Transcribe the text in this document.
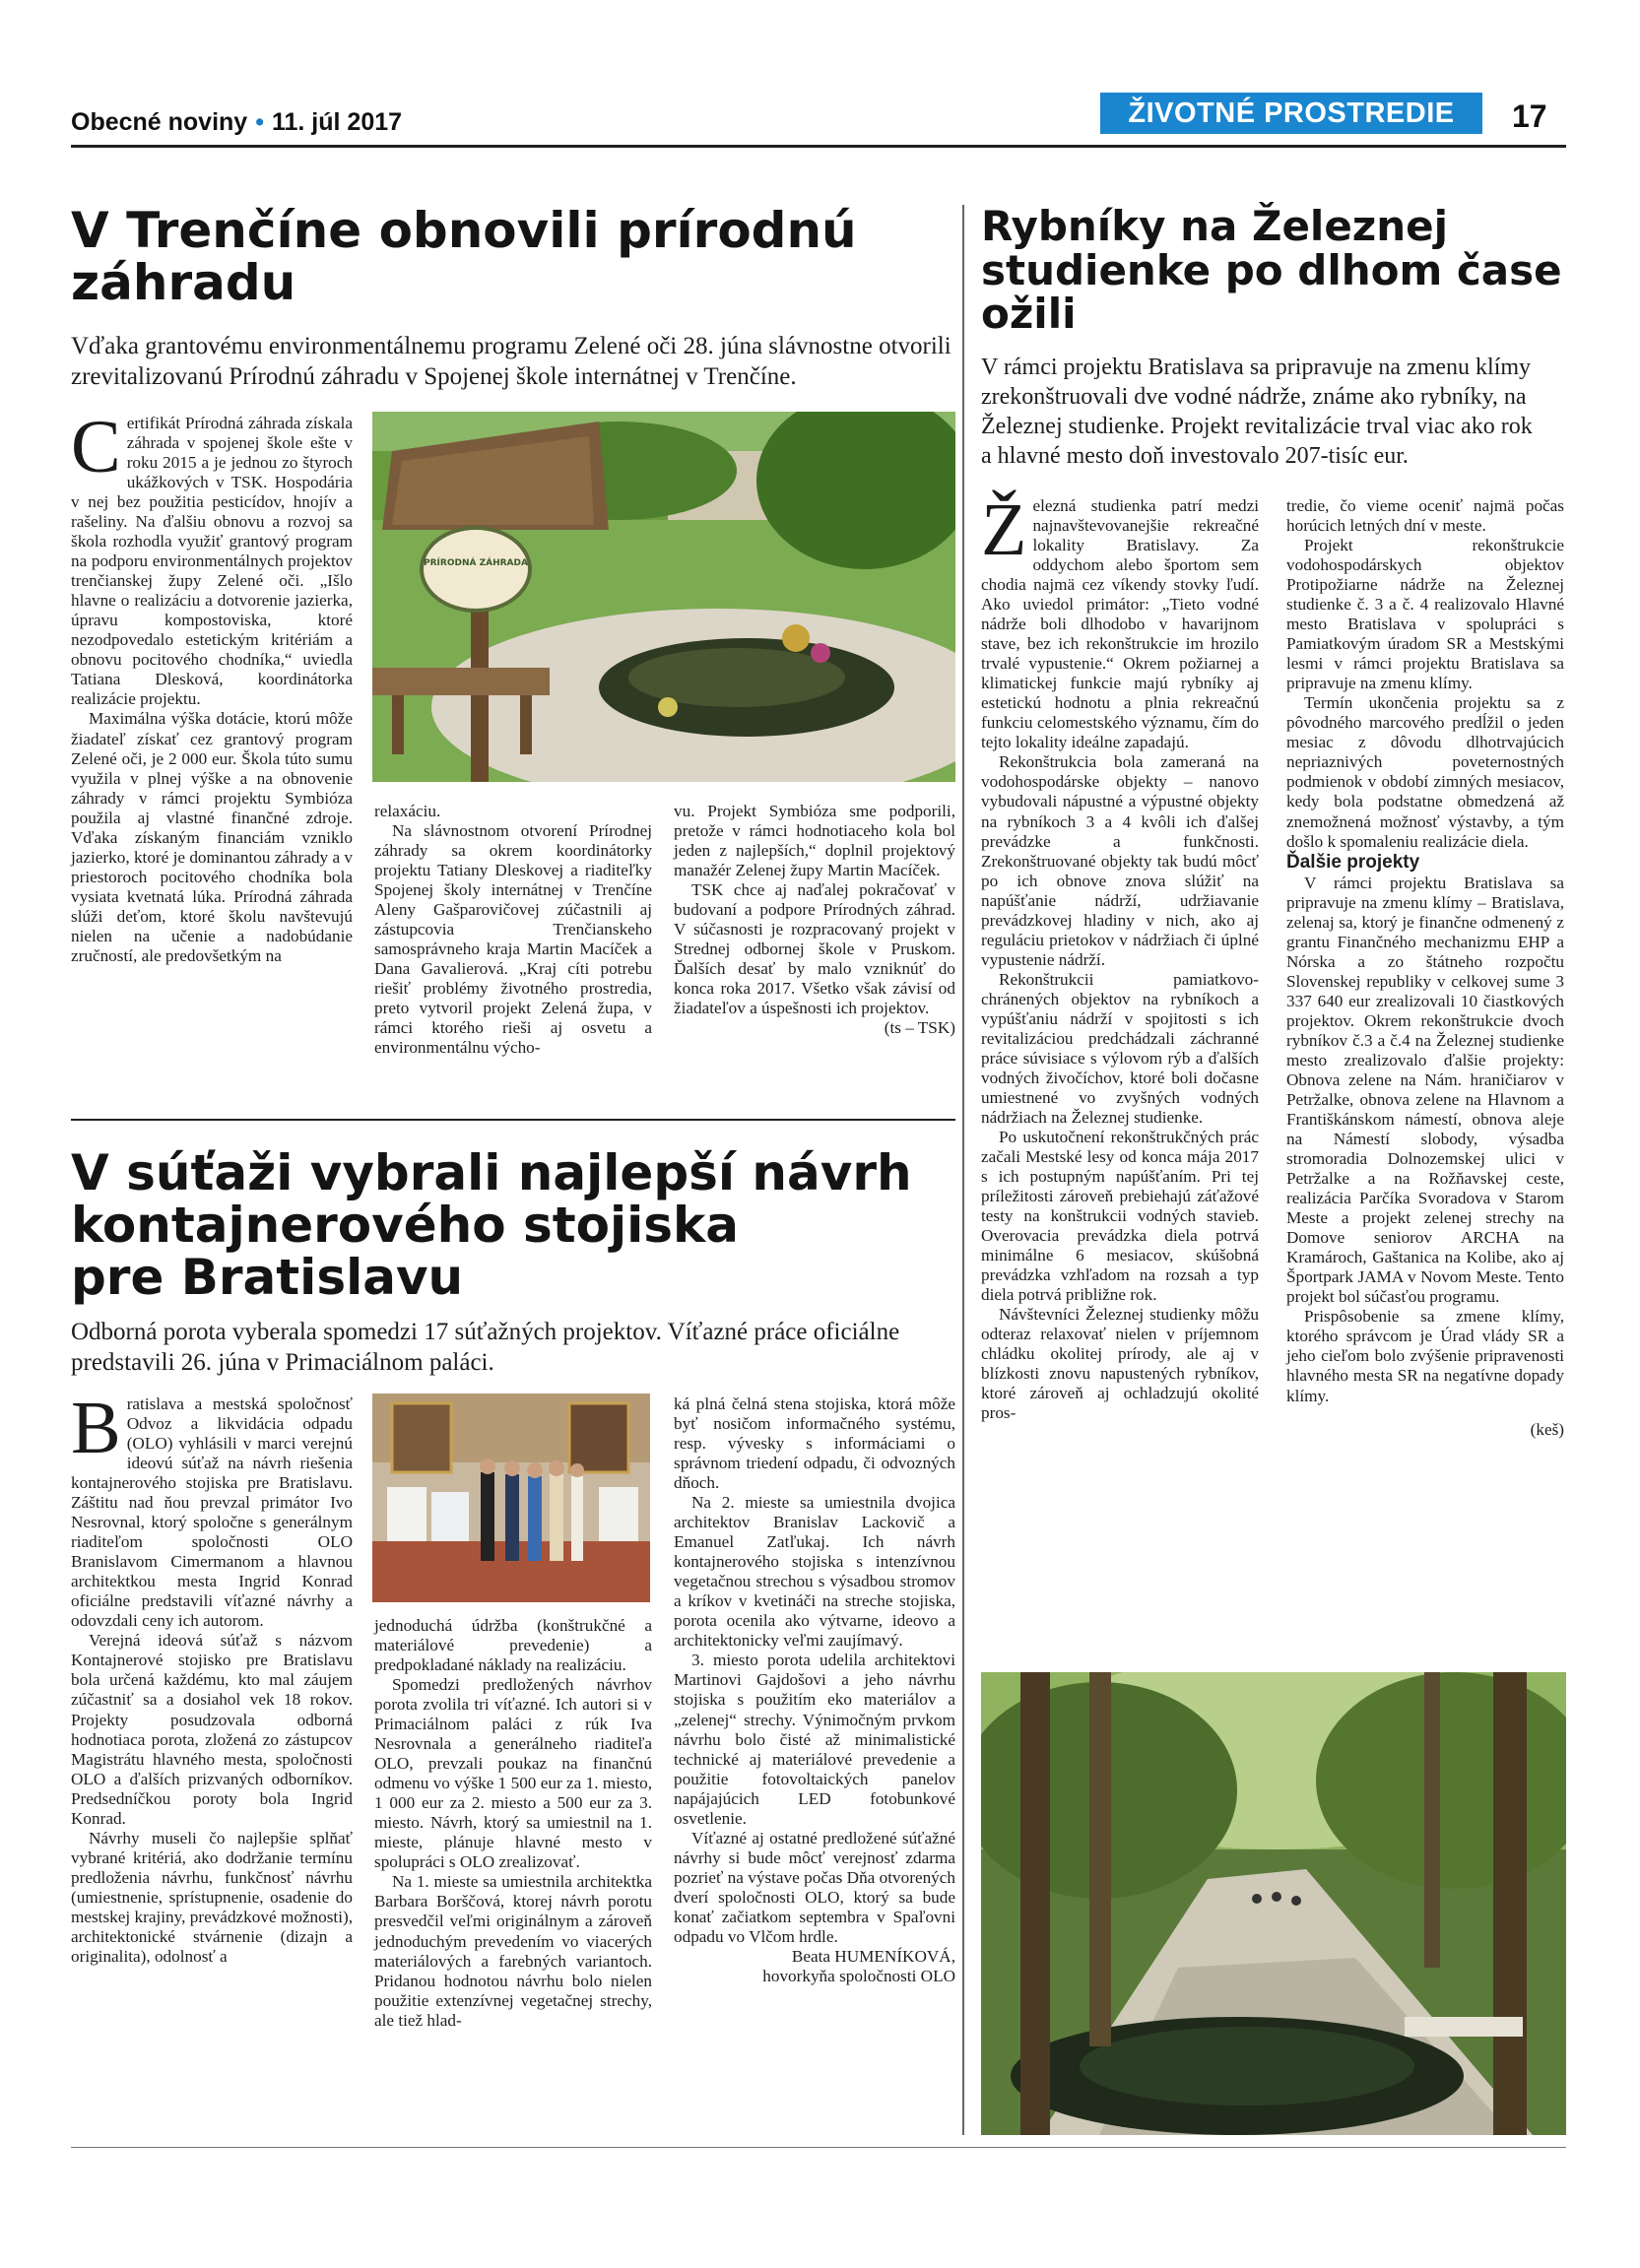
Obecné noviny • 11. júl 2017	ŽIVOTNÉ PROSTREDIE	17
V Trenčíne obnovili prírodnú
záhradu
Vďaka grantovému environmentálnemu programu Zelené oči 28. júna slávnostne otvorili zrevitalizovanú Prírodnú záhradu v Spojenej škole internátnej v Trenčíne.
PRÍRODNÁ ZÁHRADA

Certifikát Prírodná záhrada získala záhrada v spojenej škole ešte v roku 2015 a je jednou zo štyroch ukážkových v TSK. Hospodária v nej bez použitia pesticídov, hnojív a rašeliny. Na ďalšiu obnovu a rozvoj sa škola rozhodla využiť grantový program na podporu environmentálnych projektov trenčianskej župy Zelené oči. „Išlo hlavne o realizáciu a dotvorenie jazierka, úpravu kompostoviska, ktoré nezodpovedalo estetickým kritériám a obnovu pocitového chodníka,“ uviedla Tatiana Dlesková, koordinátorka realizácie projektu.

Maximálna výška dotácie, ktorú môže žiadateľ získať cez grantový program Zelené oči, je 2 000 eur. Škola túto sumu využila v plnej výške a na obnovenie záhrady v rámci projektu Symbióza použila aj vlastné finančné zdroje. Vďaka získaným financiám vzniklo jazierko, ktoré je dominantou záhrady a v priestoroch pocitového chodníka bola vysiata kvetnatá lúka. Prírodná záhrada slúži deťom, ktoré školu navštevujú nielen na učenie a nadobúdanie zručností, ale predovšetkým na

relaxáciu.

Na slávnostnom otvorení Prírodnej záhrady sa okrem koordinátorky projektu Tatiany Dleskovej a riaditeľky Spojenej školy internátnej v Trenčíne Aleny Gašparovičovej zúčastnili aj zástupcovia Trenčianskeho samosprávneho kraja Martin Macíček a Dana Gavalierová. „Kraj cíti potrebu riešiť problémy životného prostredia, preto vytvoril projekt Zelená župa, v rámci ktorého rieši aj osvetu a environmentálnu výcho-

vu. Projekt Symbióza sme podporili, pretože v rámci hodnotiaceho kola bol jeden z najlepších,“ doplnil projektový manažér Zelenej župy Martin Macíček.

TSK chce aj naďalej pokračovať v budovaní a podpore Prírodných záhrad. V súčasnosti je rozpracovaný projekt v Strednej odbornej škole v Pruskom. Ďalších desať by malo vzniknúť do konca roka 2017. Všetko však závisí od žiadateľov a úspešnosti ich projektov.

(ts – TSK)

V súťaži vybrali najlepší návrh
kontajnerového stojiska
pre Bratislavu
Odborná porota vyberala spomedzi 17 súťažných projektov. Víťazné práce oficiálne predstavili 26. júna v Primaciálnom paláci.

Bratislava a mestská spoločnosť Odvoz a likvidácia odpadu (OLO) vyhlásili v marci verejnú ideovú súťaž na návrh riešenia kontajnerového stojiska pre Bratislavu. Záštitu nad ňou prevzal primátor Ivo Nesrovnal, ktorý spoločne s generálnym riaditeľom spoločnosti OLO Branislavom Cimermanom a hlavnou architektkou mesta Ingrid Konrad oficiálne predstavili víťazné návrhy a odovzdali ceny ich autorom.

Verejná ideová súťaž s názvom Kontajnerové stojisko pre Bratislavu bola určená každému, kto mal záujem zúčastniť sa a dosiahol vek 18 rokov. Projekty posudzovala odborná hodnotiaca porota, zložená zo zástupcov Magistrátu hlavného mesta, spoločnosti OLO a ďalších prizvaných odborníkov. Predsedníčkou poroty bola Ingrid Konrad.

Návrhy museli čo najlepšie splňať vybrané kritériá, ako dodržanie termínu predloženia návrhu, funkčnosť návrhu (umiestnenie, sprístupnenie, osadenie do mestskej krajiny, prevádzkové možnosti), architektonické stvárnenie (dizajn a originalita), odolnosť a

jednoduchá údržba (konštrukčné a materiálové prevedenie) a predpokladané náklady na realizáciu.

Spomedzi predložených návrhov porota zvolila tri víťazné. Ich autori si v Primaciálnom paláci z rúk Iva Nesrovnala a generálneho riaditeľa OLO, prevzali poukaz na finančnú odmenu vo výške 1 500 eur za 1. miesto, 1 000 eur za 2. miesto a 500 eur za 3. miesto. Návrh, ktorý sa umiestnil na 1. mieste, plánuje hlavné mesto v spolupráci s OLO zrealizovať.

Na 1. mieste sa umiestnila architektka Barbara Borščová, ktorej návrh porotu presvedčil veľmi originálnym a zároveň jednoduchým prevedením vo viacerých materiálových a farebných variantoch. Pridanou hodnotou návrhu bolo nielen použitie extenzívnej vegetačnej strechy, ale tiež hlad-

ká plná čelná stena stojiska, ktorá môže byť nosičom informačného systému, resp. vývesky s informáciami o správnom triedení odpadu, či odvozných dňoch.

Na 2. mieste sa umiestnila dvojica architektov Branislav Lackovič a Emanuel Zatľukaj. Ich návrh kontajnerového stojiska s intenzívnou vegetačnou strechou s výsadbou stromov a kríkov v kvetináči na streche stojiska, porota ocenila ako výtvarne, ideovo a architektonicky veľmi zaujímavý.

3. miesto porota udelila architektovi Martinovi Gajdošovi a jeho návrhu stojiska s použitím eko materiálov a „zelenej“ strechy. Výnimočným prvkom návrhu bolo čisté až minimalistické technické aj materiálové prevedenie a použitie fotovoltaických panelov napájajúcich LED fotobunkové osvetlenie.

Víťazné aj ostatné predložené súťažné návrhy si bude môcť verejnosť zdarma pozrieť na výstave počas Dňa otvorených dverí spoločnosti OLO, ktorý sa bude konať začiatkom septembra v Spaľovni odpadu vo Vlčom hrdle.

Beata HUMENÍKOVÁ,

hovorkyňa spoločnosti OLO

Rybníky na Železnej
studienke po dlhom čase
ožili
V rámci projektu Bratislava sa pripravuje na zmenu klímy zrekonštruovali dve vodné nádrže, známe ako rybníky, na Železnej studienke. Projekt revitalizácie trval viac ako rok a hlavné mesto doň investovalo 207-tisíc eur.

Železná studienka patrí medzi najnavštevovanejšie rekreačné lokality Bratislavy. Za oddychom alebo športom sem chodia najmä cez víkendy stovky ľudí. Ako uviedol primátor: „Tieto vodné nádrže boli dlhodobo v havarijnom stave, bez ich rekonštrukcie im hrozilo trvalé vypustenie.“ Okrem požiarnej a klimatickej funkcie majú rybníky aj estetickú hodnotu a plnia rekreačnú funkciu celomestského významu, čím do tejto lokality ideálne zapadajú.

Rekonštrukcia bola zameraná na vodohospodárske objekty – nanovo vybudovali nápustné a výpustné objekty na rybníkoch 3 a 4 kvôli ich ďalšej prevádzke a funkčnosti. Zrekonštruované objekty tak budú môcť po ich obnove znova slúžiť na napúšťanie nádrží, udržiavanie prevádzkovej hladiny v nich, ako aj reguláciu prietokov v nádržiach či úplné vypustenie nádrží.

Rekonštrukcii pamiatkovo-chránených objektov na rybníkoch a vypúšťaniu nádrží v spojitosti s ich revitalizáciou predchádzali záchranné práce súvisiace s výlovom rýb a ďalších vodných živočíchov, ktoré boli dočasne umiestnené vo zvyšných vodných nádržiach na Železnej studienke.

Po uskutočnení rekonštrukčných prác začali Mestské lesy od konca mája 2017 s ich postupným napúšťaním. Pri tej príležitosti zároveň prebiehajú záťažové testy na konštrukcii vodných stavieb. Overovacia prevádzka diela potrvá minimálne 6 mesiacov, skúšobná prevádzka vzhľadom na rozsah a typ diela potrvá približne rok.

Návštevníci Železnej studienky môžu odteraz relaxovať nielen v príjemnom chládku okolitej prírody, ale aj v blízkosti znovu napustených rybníkov, ktoré zároveň aj ochladzujú okolité pros-

tredie, čo vieme oceniť najmä počas horúcich letných dní v meste.

Projekt rekonštrukcie vodohospodárskych objektov Protipožiarne nádrže na Železnej studienke č. 3 a č. 4 realizovalo Hlavné mesto Bratislava v spolupráci s Pamiatkovým úradom SR a Mestskými lesmi v rámci projektu Bratislava sa pripravuje na zmenu klímy.

Termín ukončenia projektu sa z pôvodného marcového predĺžil o jeden mesiac z dôvodu dlhotrvajúcich nepriaznivých poveternostných podmienok v období zimných mesiacov, kedy bola podstatne obmedzená až znemožnená možnosť výstavby, a tým došlo k spomaleniu realizácie diela.

Ďalšie projekty

V rámci projektu Bratislava sa pripravuje na zmenu klímy – Bratislava, zelenaj sa, ktorý je finančne odmenený z grantu Finančného mechanizmu EHP a Nórska a zo štátneho rozpočtu Slovenskej republiky v celkovej sume 3 337 640 eur zrealizovali 10 čiastkových projektov. Okrem rekonštrukcie dvoch rybníkov č.3 a č.4 na Železnej studienke mesto zrealizovalo ďalšie projekty: Obnova zelene na Nám. hraničiarov v Petržalke, obnova zelene na Hlavnom a Františkánskom námestí, obnova aleje na Námestí slobody, výsadba stromoradia Dolnozemskej ulici v Petržalke a na Rožňavskej ceste, realizácia Parčíka Svoradova v Starom Meste a projekt zelenej strechy na Domove seniorov ARCHA na Kramároch, Gaštanica na Kolibe, ako aj Športpark JAMA v Novom Meste. Tento projekt bol súčasťou programu.

Prispôsobenie sa zmene klímy, ktorého správcom je Úrad vlády SR a jeho cieľom bolo zvýšenie pripravenosti hlavného mesta SR na negatívne dopady klímy.

(keš)
